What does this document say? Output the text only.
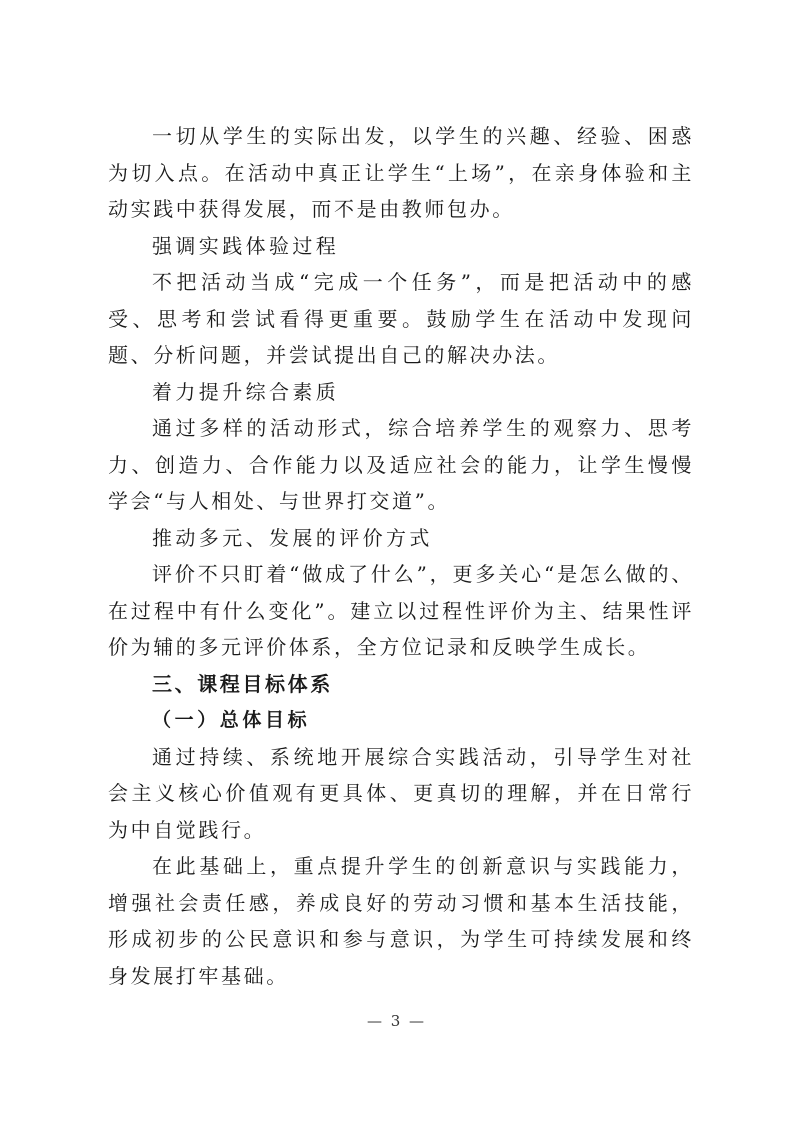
一切从学生的实际出发，以学生的兴趣、经验、困惑为切入点。在活动中真正让学生“上场”，在亲身体验和主动实践中获得发展，而不是由教师包办。

强调实践体验过程

不把活动当成“完成一个任务”，而是把活动中的感受、思考和尝试看得更重要。鼓励学生在活动中发现问题、分析问题，并尝试提出自己的解决办法。

着力提升综合素质

通过多样的活动形式，综合培养学生的观察力、思考力、创造力、合作能力以及适应社会的能力，让学生慢慢学会“与人相处、与世界打交道”。

推动多元、发展的评价方式

评价不只盯着“做成了什么”，更多关心“是怎么做的、在过程中有什么变化”。建立以过程性评价为主、结果性评价为辅的多元评价体系，全方位记录和反映学生成长。

三、课程目标体系

（一）总体目标

通过持续、系统地开展综合实践活动，引导学生对社会主义核心价值观有更具体、更真切的理解，并在日常行为中自觉践行。

在此基础上，重点提升学生的创新意识与实践能力，增强社会责任感，养成良好的劳动习惯和基本生活技能，形成初步的公民意识和参与意识，为学生可持续发展和终身发展打牢基础。

— 3 —
